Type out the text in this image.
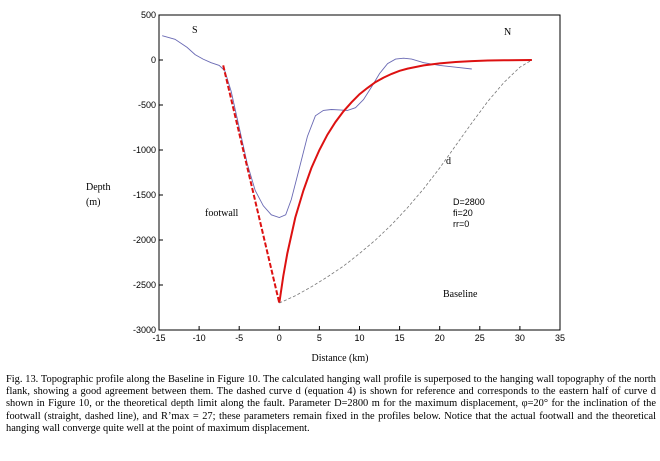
-15	-10	-5	0	5	10	15	20	25	30	35
500
0
-500
-1000
-1500
-2000
-2500
-3000
Distance (km)
Depth
(m)
S	N
footwall
d
Baseline
D=2800
fi=20
rr=0
Fig. 13. Topographic profile along the Baseline in Figure 10. The calculated hanging wall profile is superposed to the hanging wall topography of the north flank, showing a good agreement between them. The dashed curve d (equation 4) is shown for reference and corresponds to the eastern half of curve d shown in Figure 10, or the theoretical depth limit along the fault. Parameter D=2800 m for the maximum displacement, φ=20° for the inclination of the footwall (straight, dashed line), and R’max = 27; these parameters remain fixed in the profiles below. Notice that the actual footwall and the theoretical hanging wall converge quite well at the point of maximum displacement.
